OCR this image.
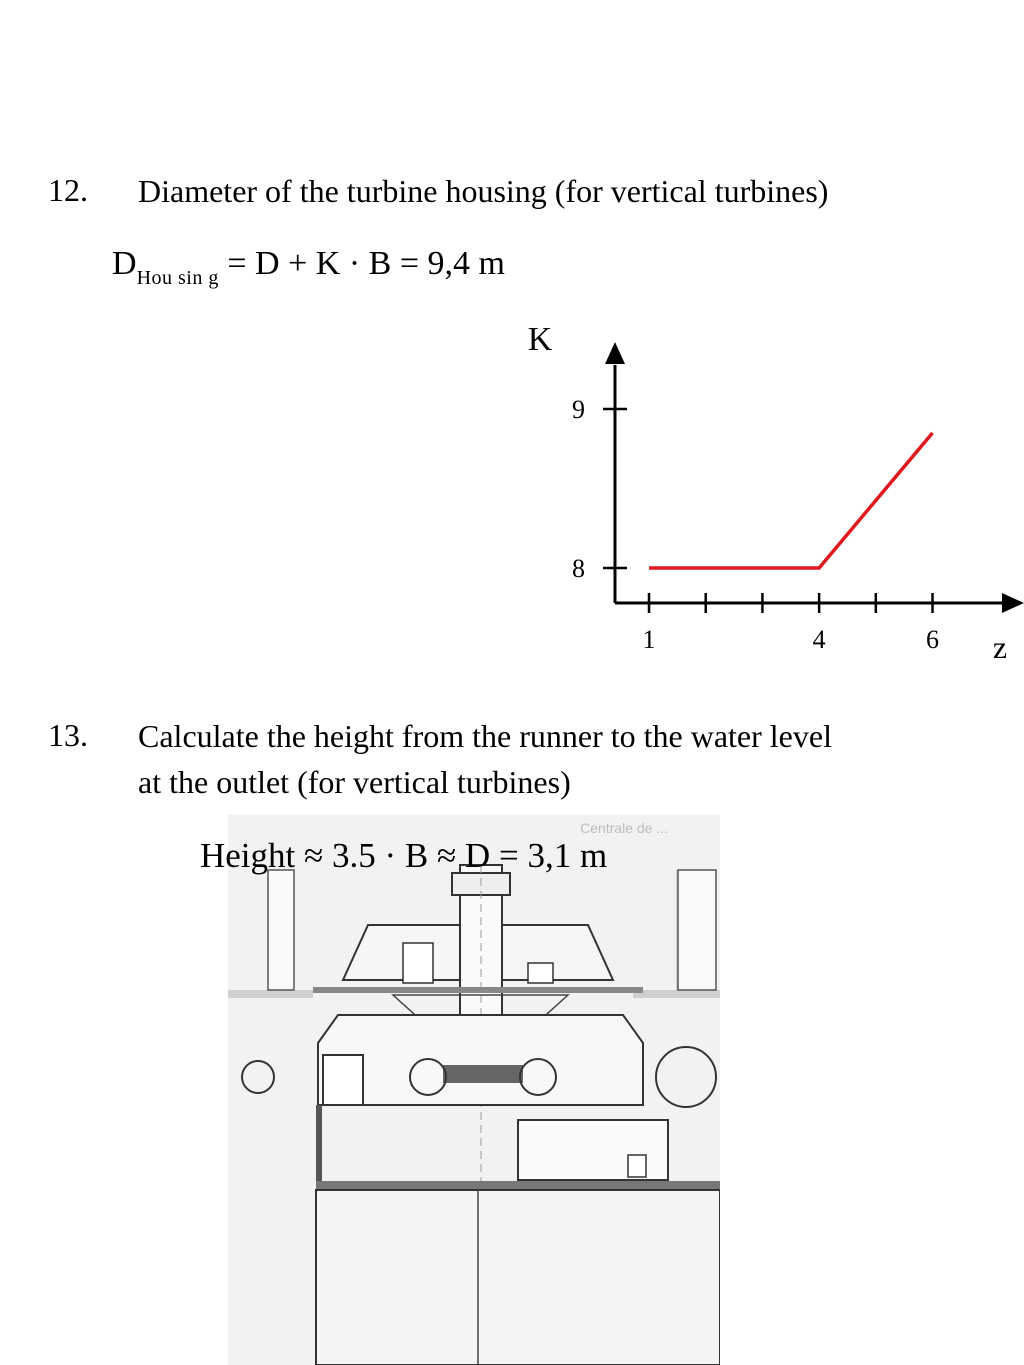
12. Diameter of the turbine housing (for vertical turbines)
$D_{Hou sin g} = D + K \cdot B = 9,4$ m
8
9
1	4	6
K
z
13. Calculate the height from the runner to the water level
at the outlet (for vertical turbines)
Centrale de ...
Height ≈ 3.5 · B ≈ D = 3,1 m
